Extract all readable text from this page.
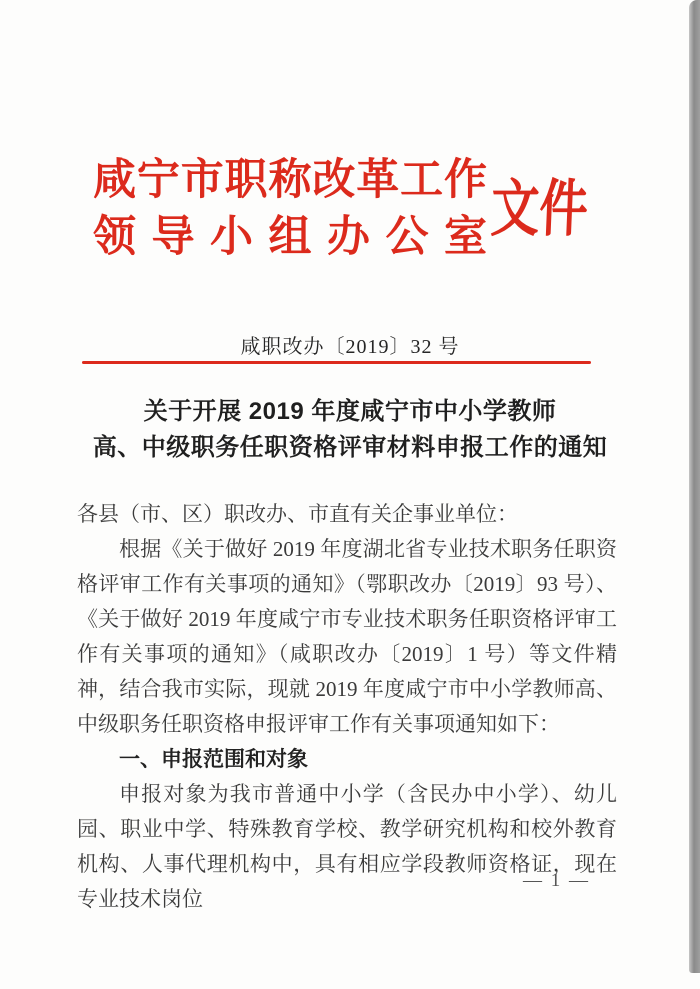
咸宁市职称改革工作
领导小组办公室 文件
咸职改办〔2019〕32 号
关于开展 2019 年度咸宁市中小学教师
高、中级职务任职资格评审材料申报工作的通知

各县（市、区）职改办、市直有关企事业单位：

根据《关于做好 2019 年度湖北省专业技术职务任职资格评审工作有关事项的通知》（鄂职改办〔2019〕93 号）、《关于做好 2019 年度咸宁市专业技术职务任职资格评审工作有关事项的通知》（咸职改办〔2019〕1 号）等文件精神，结合我市实际，现就 2019 年度咸宁市中小学教师高、中级职务任职资格申报评审工作有关事项通知如下：

一、申报范围和对象

申报对象为我市普通中小学（含民办中小学）、幼儿园、职业中学、特殊教育学校、教学研究机构和校外教育机构、人事代理机构中，具有相应学段教师资格证，现在专业技术岗位

— 1 —
